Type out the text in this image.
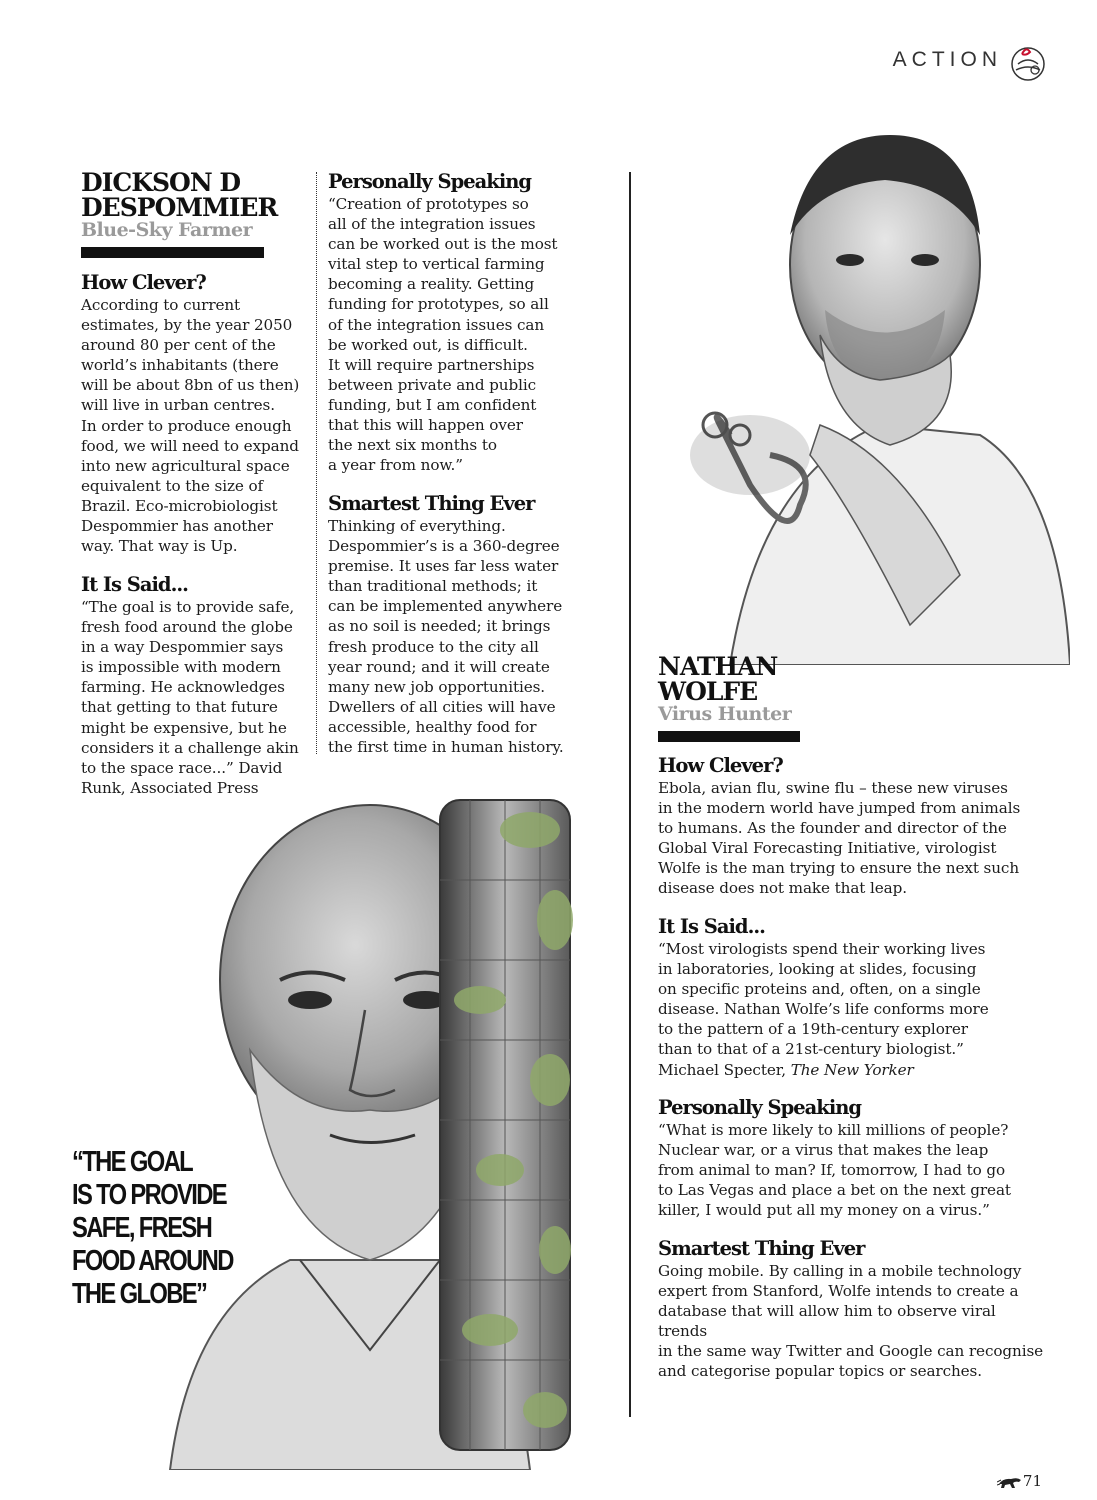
ACTION
DICKSON D
DESPOMMIER
Blue-Sky Farmer
How Clever?
According to current
estimates, by the year 2050
around 80 per cent of the
world’s inhabitants (there
will be about 8bn of us then)
will live in urban centres.
In order to produce enough
food, we will need to expand
into new agricultural space
equivalent to the size of
Brazil. Eco-microbiologist
Despommier has another
way. That way is Up.
It Is Said...
“The goal is to provide safe,
fresh food around the globe
in a way Despommier says
is impossible with modern
farming. He acknowledges
that getting to that future
might be expensive, but he
considers it a challenge akin
to the space race...” David
Runk, Associated Press
Personally Speaking
“Creation of prototypes so
all of the integration issues
can be worked out is the most
vital step to vertical farming
becoming a reality. Getting
funding for prototypes, so all
of the integration issues can
be worked out, is difficult.
It will require partnerships
between private and public
funding, but I am confident
that this will happen over
the next six months to
a year from now.”
Smartest Thing Ever
Thinking of everything.
Despommier’s is a 360-degree
premise. It uses far less water
than traditional methods; it
can be implemented anywhere
as no soil is needed; it brings
fresh produce to the city all
year round; and it will create
many new job opportunities.
Dwellers of all cities will have
accessible, healthy food for
the first time in human history.
“THE GOAL
IS TO PROVIDE
SAFE, FRESH
FOOD AROUND
THE GLOBE”
NATHAN
WOLFE
Virus Hunter
How Clever?
Ebola, avian flu, swine flu – these new viruses
in the modern world have jumped from animals
to humans. As the founder and director of the
Global Viral Forecasting Initiative, virologist
Wolfe is the man trying to ensure the next such
disease does not make that leap.
It Is Said...
“Most virologists spend their working lives
in laboratories, looking at slides, focusing
on specific proteins and, often, on a single
disease. Nathan Wolfe’s life conforms more
to the pattern of a 19th-century explorer
than to that of a 21st-century biologist.”
Michael Specter, The New Yorker
Personally Speaking
“What is more likely to kill millions of people?
Nuclear war, or a virus that makes the leap
from animal to man? If, tomorrow, I had to go
to Las Vegas and place a bet on the next great
killer, I would put all my money on a virus.”
Smartest Thing Ever
Going mobile. By calling in a mobile technology
expert from Stanford, Wolfe intends to create a
database that will allow him to observe viral trends
in the same way Twitter and Google can recognise
and categorise popular topics or searches.
71
